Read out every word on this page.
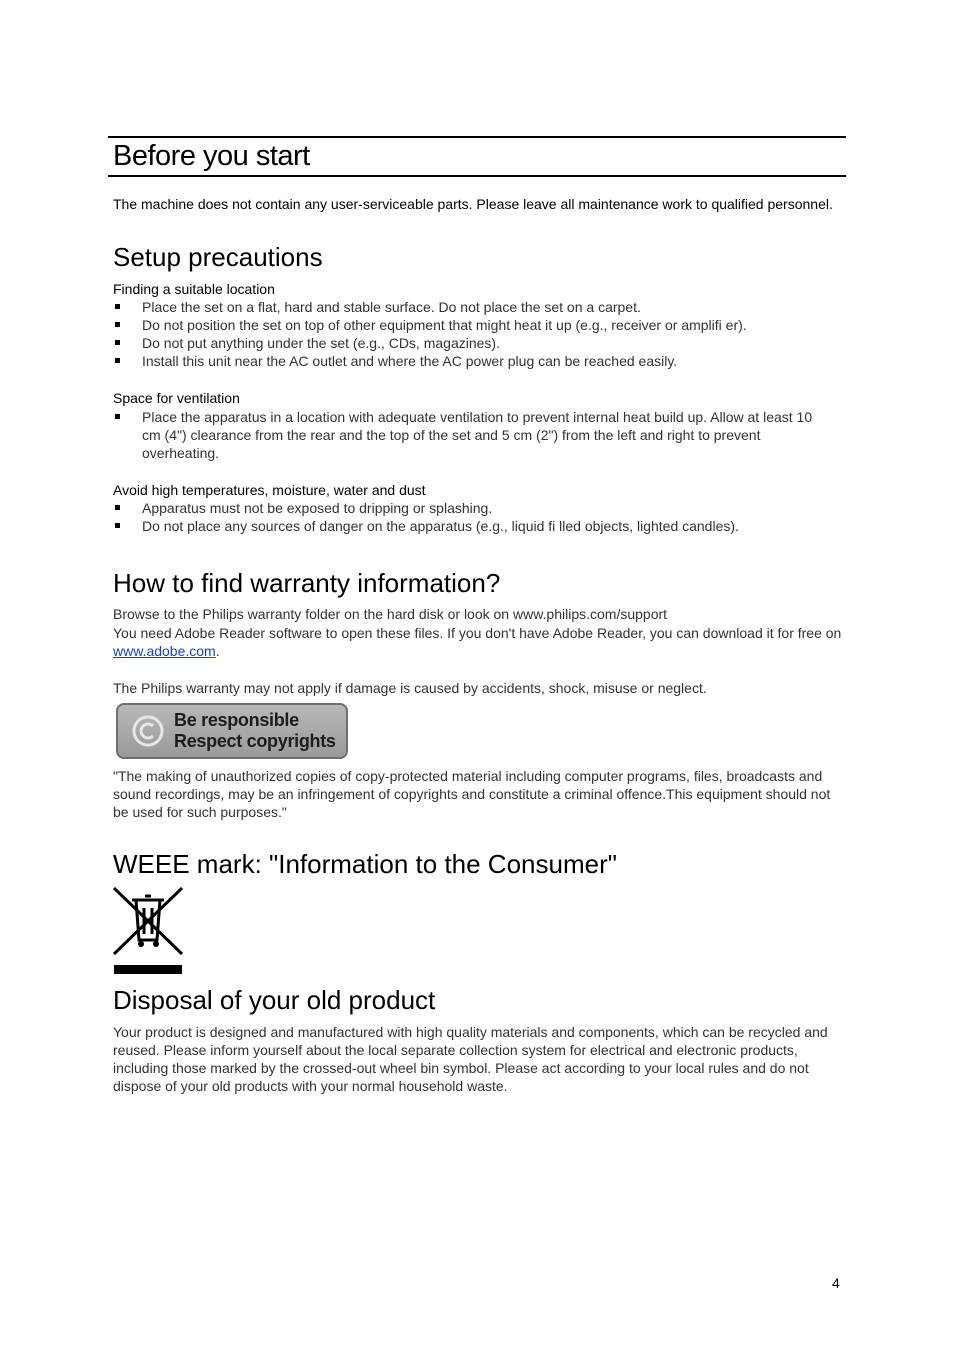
Before you start
The machine does not contain any user-serviceable parts. Please leave all maintenance work to qualified personnel.
Setup precautions
Finding a suitable location
Place the set on a flat, hard and stable surface. Do not place the set on a carpet.
Do not position the set on top of other equipment that might heat it up (e.g., receiver or amplifi er).
Do not put anything under the set (e.g., CDs, magazines).
Install this unit near the AC outlet and where the AC power plug can be reached easily.
Space for ventilation
Place the apparatus in a location with adequate ventilation to prevent internal heat build up. Allow at least 10 cm (4") clearance from the rear and the top of the set and 5 cm (2") from the left and right to prevent overheating.
Avoid high temperatures, moisture, water and dust
Apparatus must not be exposed to dripping or splashing.
Do not place any sources of danger on the apparatus (e.g., liquid fi lled objects, lighted candles).
How to find warranty information?

Browse to the Philips warranty folder on the hard disk or look on www.philips.com/support

You need Adobe Reader software to open these files. If you don't have Adobe Reader, you can download it for free on www.adobe.com.

The Philips warranty may not apply if damage is caused by accidents, shock, misuse or neglect.

Be responsible
Respect copyrights

"The making of unauthorized copies of copy-protected material including computer programs, files, broadcasts and sound recordings, may be an infringement of copyrights and constitute a criminal offence.This equipment should not be used for such purposes."

WEEE mark: "Information to the Consumer"
Disposal of your old product

Your product is designed and manufactured with high quality materials and components, which can be recycled and reused. Please inform yourself about the local separate collection system for electrical and electronic products, including those marked by the crossed-out wheel bin symbol. Please act according to your local rules and do not dispose of your old products with your normal household waste.

4
